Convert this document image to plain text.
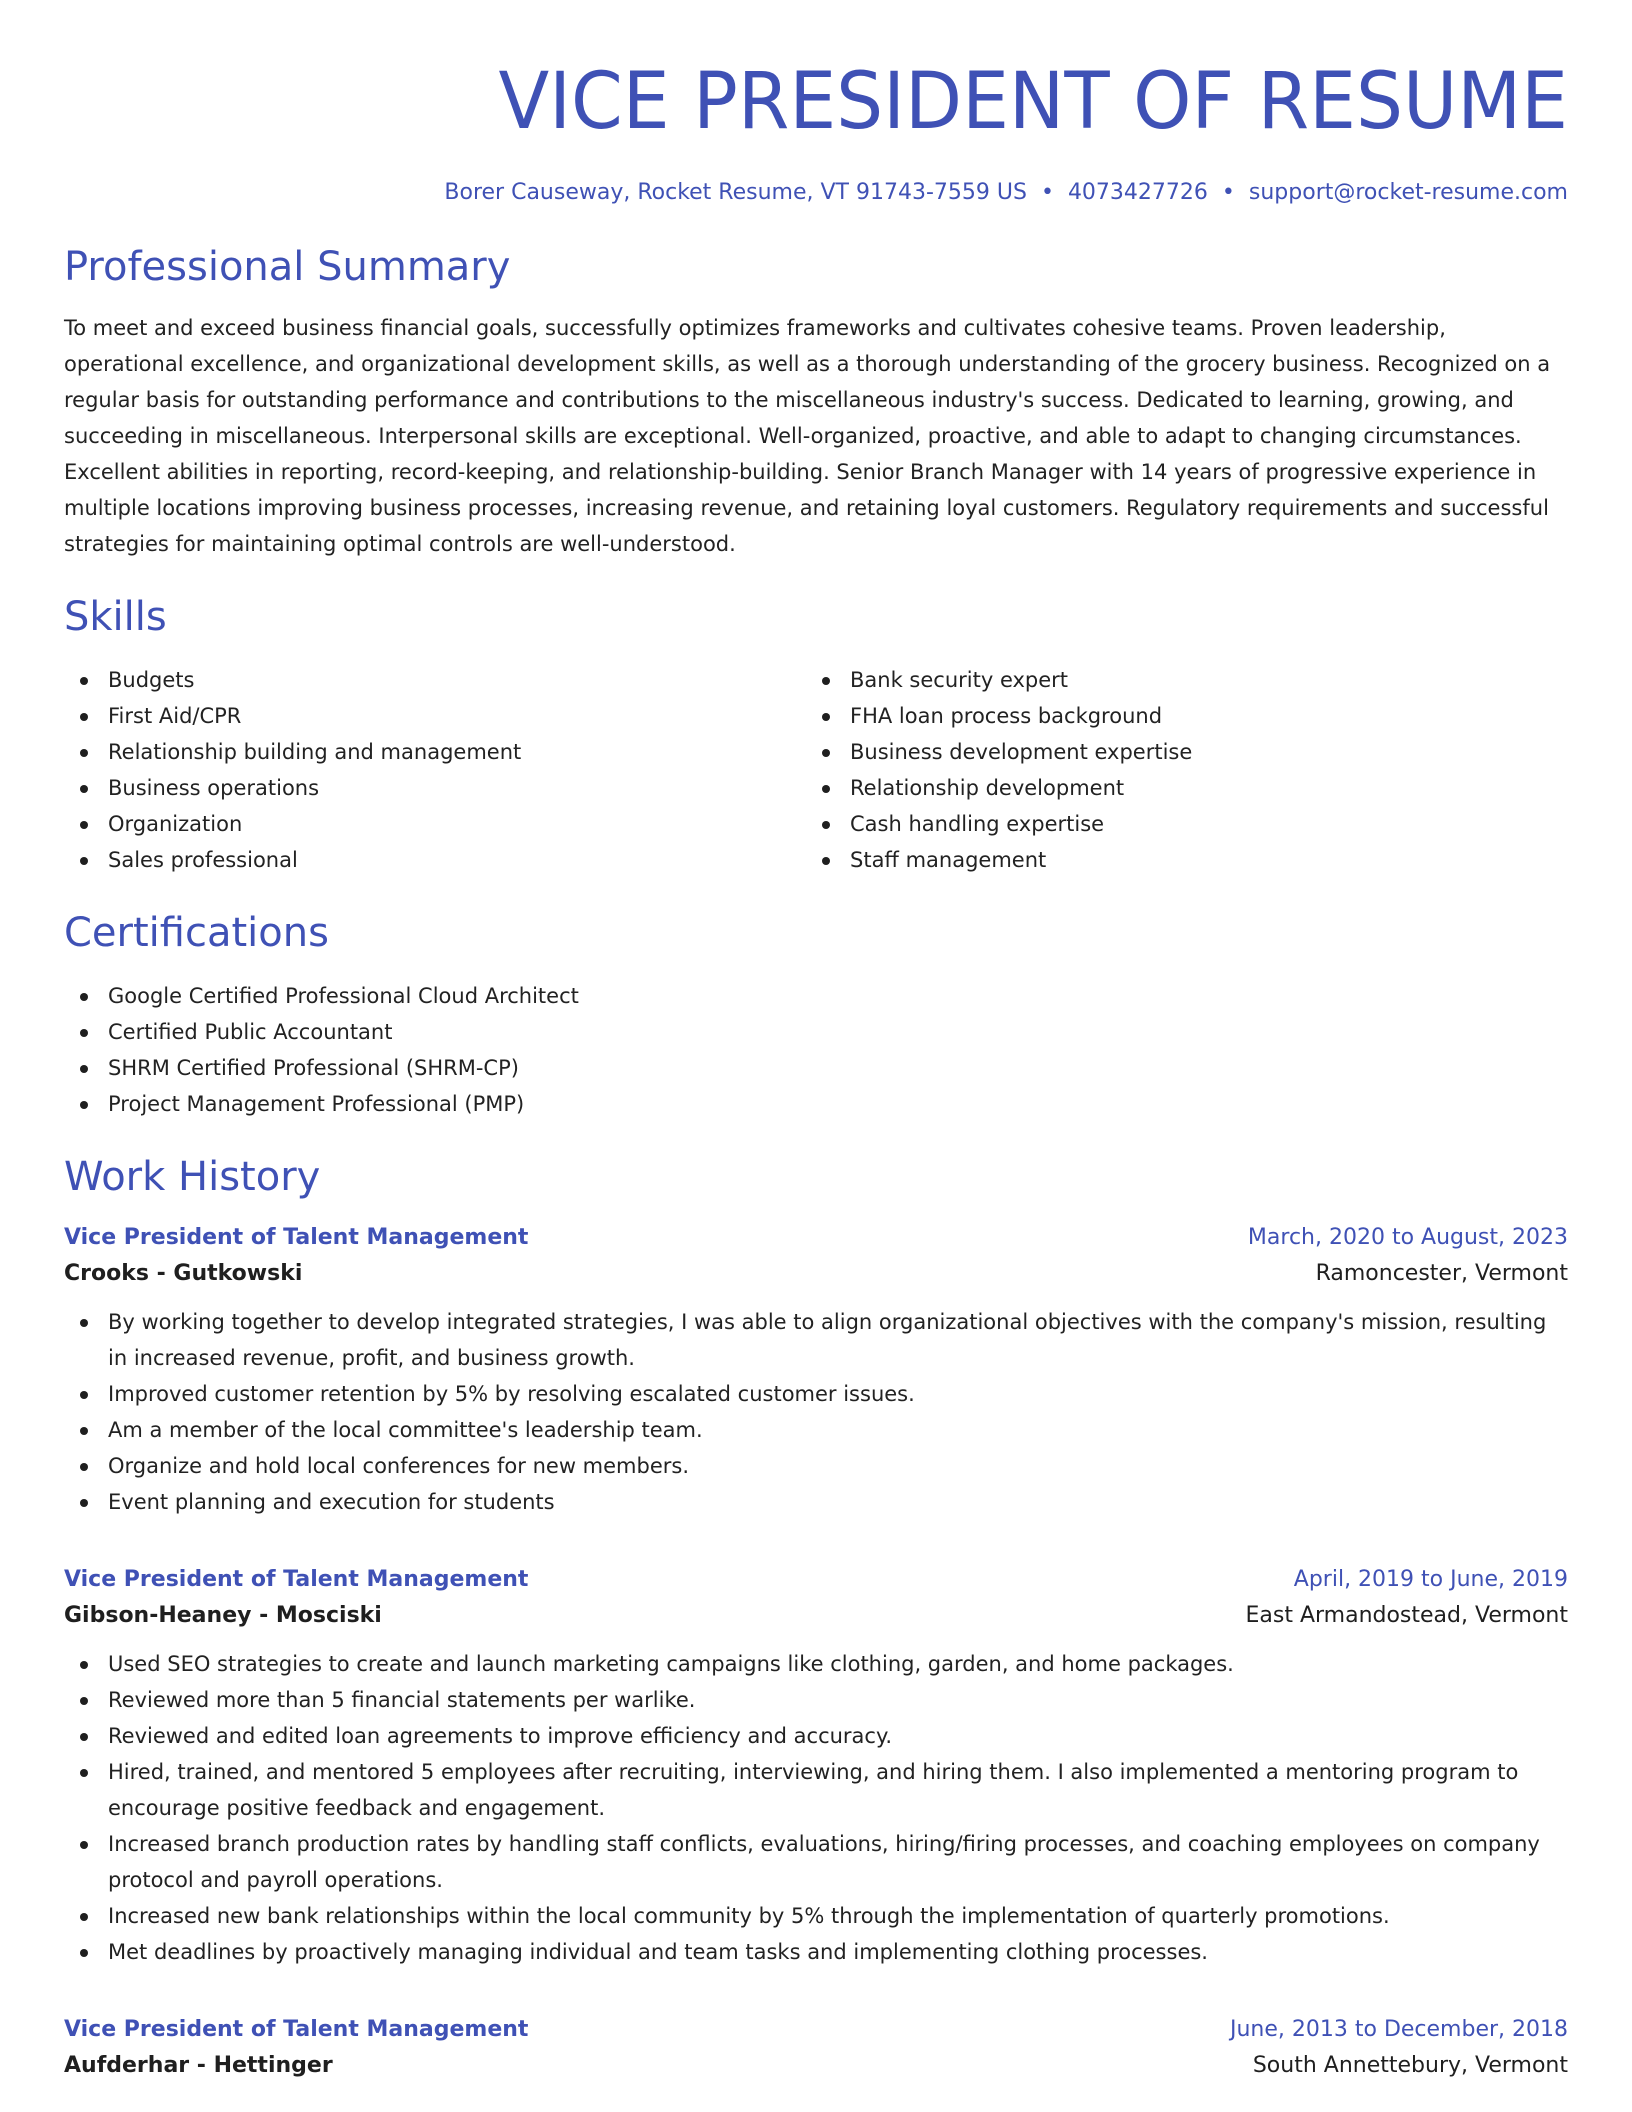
VICE PRESIDENT OF RESUME
Borer Causeway, Rocket Resume, VT 91743-7559 US • 4073427726 • support@rocket-resume.com
Professional Summary

To meet and exceed business financial goals, successfully optimizes frameworks and cultivates cohesive teams. Proven leadership, operational excellence, and organizational development skills, as well as a thorough understanding of the grocery business. Recognized on a regular basis for outstanding performance and contributions to the miscellaneous industry's success. Dedicated to learning, growing, and succeeding in miscellaneous. Interpersonal skills are exceptional. Well-organized, proactive, and able to adapt to changing circumstances. Excellent abilities in reporting, record-keeping, and relationship-building. Senior Branch Manager with 14 years of progressive experience in multiple locations improving business processes, increasing revenue, and retaining loyal customers. Regulatory requirements and successful strategies for maintaining optimal controls are well-understood.

Skills
Budgets
First Aid/CPR
Relationship building and management
Business operations
Organization
Sales professional
Bank security expert
FHA loan process background
Business development expertise
Relationship development
Cash handling expertise
Staff management
Certifications
Google Certified Professional Cloud Architect
Certified Public Accountant
SHRM Certified Professional (SHRM-CP)
Project Management Professional (PMP)
Work History
Vice President of Talent Management	March, 2020 to August, 2023
Crooks - Gutkowski	Ramoncester, Vermont
By working together to develop integrated strategies, I was able to align organizational objectives with the company's mission, resulting in increased revenue, profit, and business growth.
Improved customer retention by 5% by resolving escalated customer issues.
Am a member of the local committee's leadership team.
Organize and hold local conferences for new members.
Event planning and execution for students
Vice President of Talent Management	April, 2019 to June, 2019
Gibson-Heaney - Mosciski	East Armandostead, Vermont
Used SEO strategies to create and launch marketing campaigns like clothing, garden, and home packages.
Reviewed more than 5 financial statements per warlike.
Reviewed and edited loan agreements to improve efficiency and accuracy.
Hired, trained, and mentored 5 employees after recruiting, interviewing, and hiring them. I also implemented a mentoring program to encourage positive feedback and engagement.
Increased branch production rates by handling staff conflicts, evaluations, hiring/firing processes, and coaching employees on company protocol and payroll operations.
Increased new bank relationships within the local community by 5% through the implementation of quarterly promotions.
Met deadlines by proactively managing individual and team tasks and implementing clothing processes.
Vice President of Talent Management	June, 2013 to December, 2018
Aufderhar - Hettinger	South Annettebury, Vermont
